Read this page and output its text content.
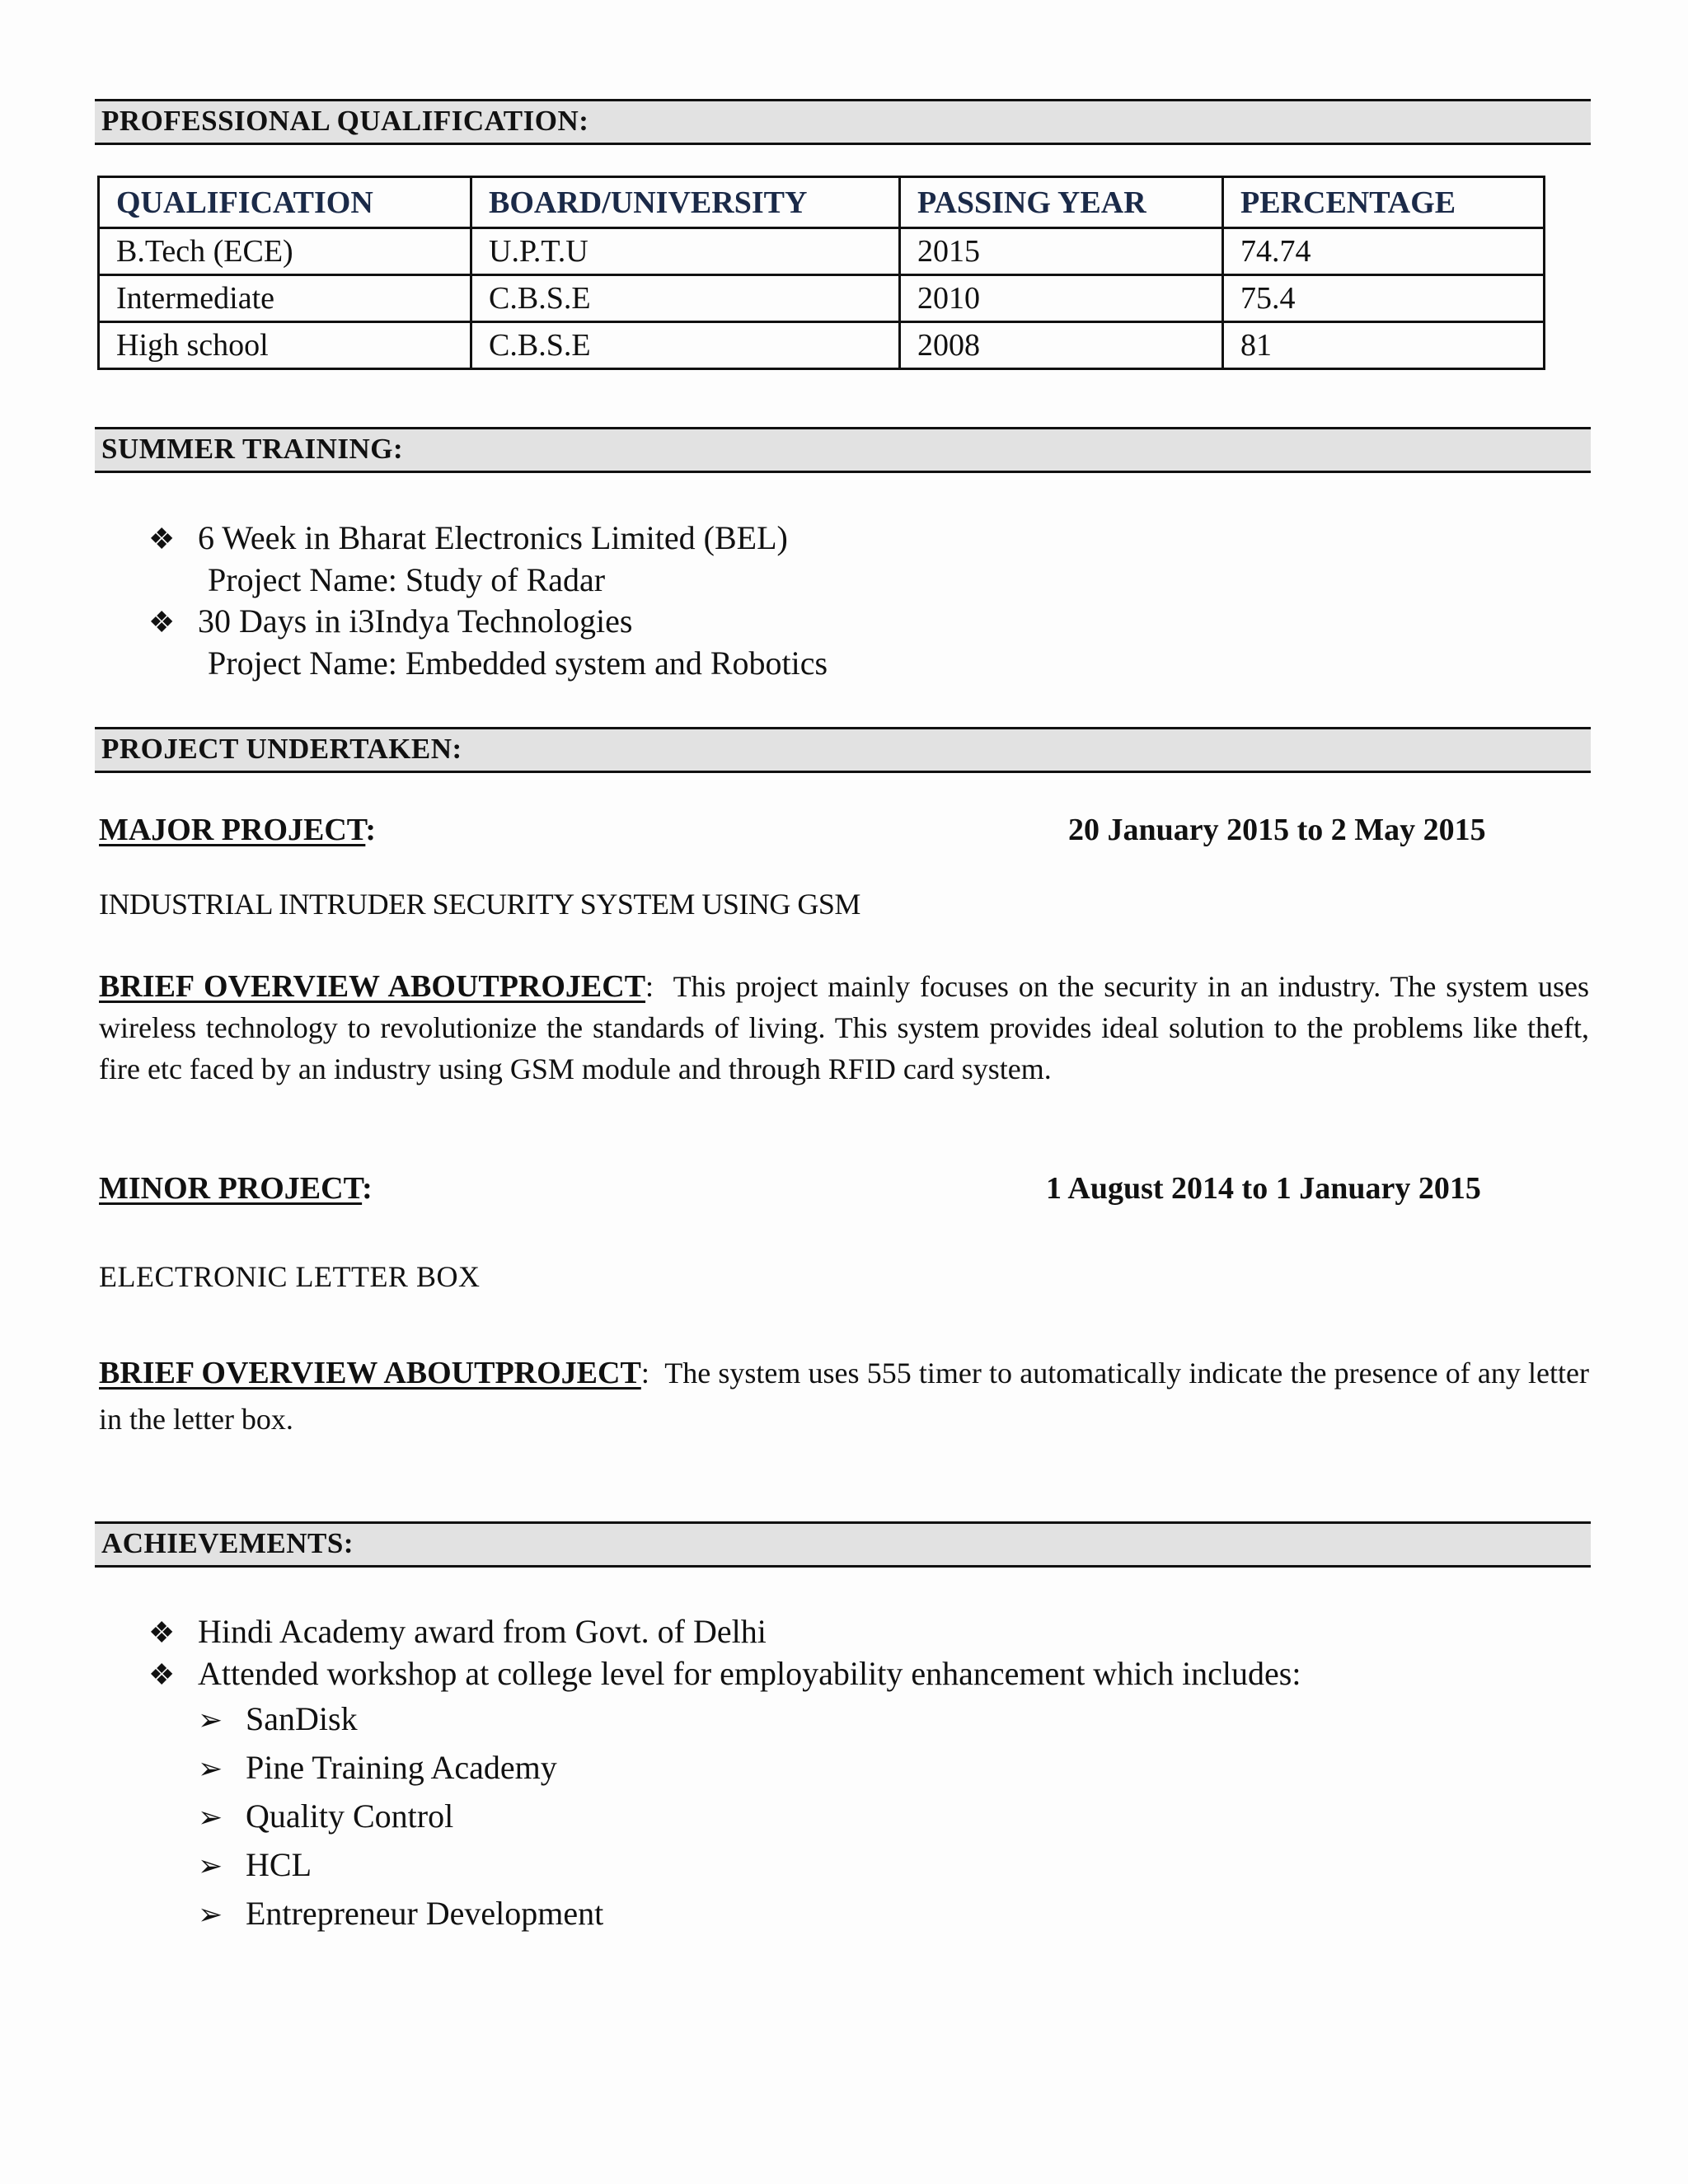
PROFESSIONAL QUALIFICATION:
QUALIFICATION	BOARD/UNIVERSITY	PASSING YEAR	PERCENTAGE
B.Tech (ECE)	U.P.T.U	2015	74.74
Intermediate	C.B.S.E	2010	75.4
High school	C.B.S.E	2008	81
SUMMER TRAINING:
❖ 6 Week in Bharat Electronics Limited (BEL)
Project Name: Study of Radar
❖ 30 Days in i3Indya Technologies
Project Name: Embedded system and Robotics
PROJECT UNDERTAKEN:
MAJOR PROJECT:	20 January 2015 to 2 May 2015
INDUSTRIAL INTRUDER SECURITY SYSTEM USING GSM
BRIEF OVERVIEW ABOUTPROJECT: This project mainly focuses on the security in an industry. The system uses wireless technology to revolutionize the standards of living. This system provides ideal solution to the problems like theft, fire etc faced by an industry using GSM module and through RFID card system.
MINOR PROJECT:	1 August 2014 to 1 January 2015
ELECTRONIC LETTER BOX
BRIEF OVERVIEW ABOUTPROJECT: The system uses 555 timer to automatically indicate the presence of any letter in the letter box.
ACHIEVEMENTS:
❖ Hindi Academy award from Govt. of Delhi
❖ Attended workshop at college level for employability enhancement which includes:
➢ SanDisk
➢ Pine Training Academy
➢ Quality Control
➢ HCL
➢ Entrepreneur Development
